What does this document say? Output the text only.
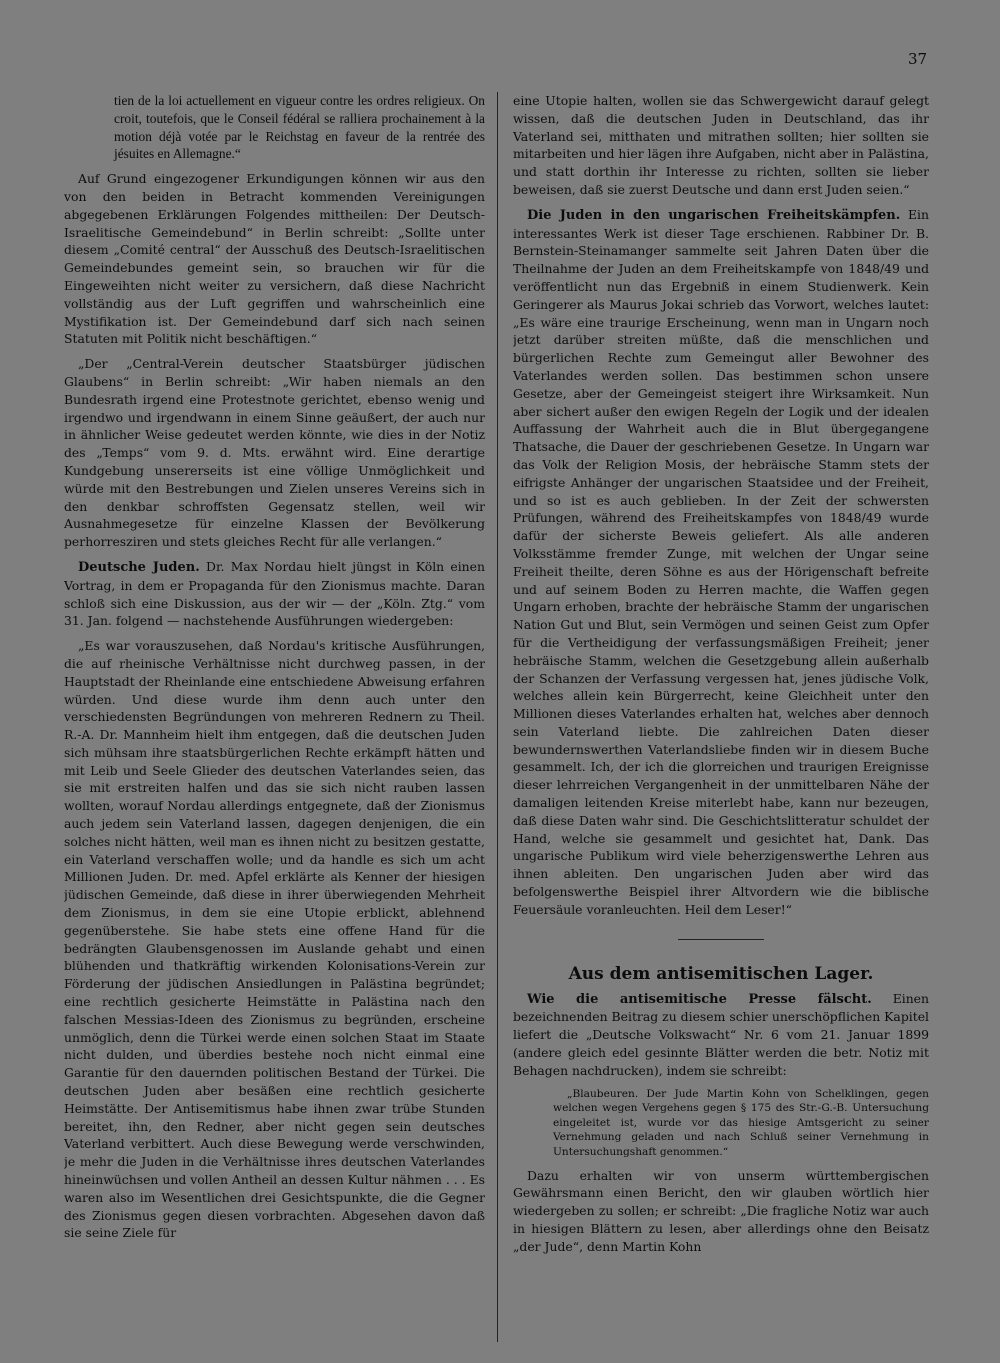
37

tien de la loi actuellement en vigueur contre les ordres religieux. On croit, toutefois, que le Conseil fédéral se ralliera prochainement à la motion déjà votée par le Reichstag en faveur de la rentrée des jésuites en Allemagne.“

Auf Grund eingezogener Erkundigungen können wir aus den von den beiden in Betracht kommenden Vereinigungen abgegebenen Erklärungen Folgendes mittheilen: Der Deutsch-Israelitische Gemeindebund“ in Berlin schreibt: „Sollte unter diesem „Comité central“ der Ausschuß des Deutsch-Israelitischen Gemeindebundes gemeint sein, so brauchen wir für die Eingeweihten nicht weiter zu versichern, daß diese Nachricht vollständig aus der Luft gegriffen und wahrscheinlich eine Mystifikation ist. Der Gemeindebund darf sich nach seinen Statuten mit Politik nicht beschäftigen.“

„Der „Central-Verein deutscher Staatsbürger jüdischen Glaubens“ in Berlin schreibt: „Wir haben niemals an den Bundesrath irgend eine Protestnote gerichtet, ebenso wenig und irgendwo und irgendwann in einem Sinne geäußert, der auch nur in ähnlicher Weise gedeutet werden könnte, wie dies in der Notiz des „Temps“ vom 9. d. Mts. erwähnt wird. Eine derartige Kundgebung unsererseits ist eine völlige Unmöglichkeit und würde mit den Bestrebungen und Zielen unseres Vereins sich in den denkbar schroffsten Gegensatz stellen, weil wir Ausnahmegesetze für einzelne Klassen der Bevölkerung perhorresziren und stets gleiches Recht für alle verlangen.“

Deutsche Juden. Dr. Max Nordau hielt jüngst in Köln einen Vortrag, in dem er Propaganda für den Zionismus machte. Daran schloß sich eine Diskussion, aus der wir — der „Köln. Ztg.“ vom 31. Jan. folgend — nachstehende Ausführungen wiedergeben:

„Es war vorauszusehen, daß Nordau's kritische Ausführungen, die auf rheinische Verhältnisse nicht durchweg passen, in der Hauptstadt der Rheinlande eine entschiedene Abweisung erfahren würden. Und diese wurde ihm denn auch unter den verschiedensten Begründungen von mehreren Rednern zu Theil. R.-A. Dr. Mannheim hielt ihm entgegen, daß die deutschen Juden sich mühsam ihre staatsbürgerlichen Rechte erkämpft hätten und mit Leib und Seele Glieder des deutschen Vaterlandes seien, das sie mit erstreiten halfen und das sie sich nicht rauben lassen wollten, worauf Nordau allerdings entgegnete, daß der Zionismus auch jedem sein Vaterland lassen, dagegen denjenigen, die ein solches nicht hätten, weil man es ihnen nicht zu besitzen gestatte, ein Vaterland verschaffen wolle; und da handle es sich um acht Millionen Juden. Dr. med. Apfel erklärte als Kenner der hiesigen jüdischen Gemeinde, daß diese in ihrer überwiegenden Mehrheit dem Zionismus, in dem sie eine Utopie erblickt, ablehnend gegenüberstehe. Sie habe stets eine offene Hand für die bedrängten Glaubensgenossen im Auslande gehabt und einen blühenden und thatkräftig wirkenden Kolonisations-Verein zur Förderung der jüdischen Ansiedlungen in Palästina begründet; eine rechtlich gesicherte Heimstätte in Palästina nach den falschen Messias-Ideen des Zionismus zu begründen, erscheine unmöglich, denn die Türkei werde einen solchen Staat im Staate nicht dulden, und überdies bestehe noch nicht einmal eine Garantie für den dauernden politischen Bestand der Türkei. Die deutschen Juden aber besäßen eine rechtlich gesicherte Heimstätte. Der Antisemitismus habe ihnen zwar trübe Stunden bereitet, ihn, den Redner, aber nicht gegen sein deutsches Vaterland verbittert. Auch diese Bewegung werde verschwinden, je mehr die Juden in die Verhältnisse ihres deutschen Vaterlandes hineinwüchsen und vollen Antheil an dessen Kultur nähmen . . . Es waren also im Wesentlichen drei Gesichtspunkte, die die Gegner des Zionismus gegen diesen vorbrachten. Abgesehen davon daß sie seine Ziele für

eine Utopie halten, wollen sie das Schwergewicht darauf gelegt wissen, daß die deutschen Juden in Deutschland, das ihr Vaterland sei, mitthaten und mitrathen sollten; hier sollten sie mitarbeiten und hier lägen ihre Aufgaben, nicht aber in Palästina, und statt dorthin ihr Interesse zu richten, sollten sie lieber beweisen, daß sie zuerst Deutsche und dann erst Juden seien.“

Die Juden in den ungarischen Freiheitskämpfen. Ein interessantes Werk ist dieser Tage erschienen. Rabbiner Dr. B. Bernstein-Steinamanger sammelte seit Jahren Daten über die Theilnahme der Juden an dem Freiheitskampfe von 1848/49 und veröffentlicht nun das Ergebniß in einem Studienwerk. Kein Geringerer als Maurus Jokai schrieb das Vorwort, welches lautet: „Es wäre eine traurige Erscheinung, wenn man in Ungarn noch jetzt darüber streiten müßte, daß die menschlichen und bürgerlichen Rechte zum Gemeingut aller Bewohner des Vaterlandes werden sollen. Das bestimmen schon unsere Gesetze, aber der Gemeingeist steigert ihre Wirksamkeit. Nun aber sichert außer den ewigen Regeln der Logik und der idealen Auffassung der Wahrheit auch die in Blut übergegangene Thatsache, die Dauer der geschriebenen Gesetze. In Ungarn war das Volk der Religion Mosis, der hebräische Stamm stets der eifrigste Anhänger der ungarischen Staatsidee und der Freiheit, und so ist es auch geblieben. In der Zeit der schwersten Prüfungen, während des Freiheitskampfes von 1848/49 wurde dafür der sicherste Beweis geliefert. Als alle anderen Volksstämme fremder Zunge, mit welchen der Ungar seine Freiheit theilte, deren Söhne es aus der Hörigenschaft befreite und auf seinem Boden zu Herren machte, die Waffen gegen Ungarn erhoben, brachte der hebräische Stamm der ungarischen Nation Gut und Blut, sein Vermögen und seinen Geist zum Opfer für die Vertheidigung der verfassungsmäßigen Freiheit; jener hebräische Stamm, welchen die Gesetzgebung allein außerhalb der Schanzen der Verfassung vergessen hat, jenes jüdische Volk, welches allein kein Bürgerrecht, keine Gleichheit unter den Millionen dieses Vaterlandes erhalten hat, welches aber dennoch sein Vaterland liebte. Die zahlreichen Daten dieser bewundernswerthen Vaterlandsliebe finden wir in diesem Buche gesammelt. Ich, der ich die glorreichen und traurigen Ereignisse dieser lehrreichen Vergangenheit in der unmittelbaren Nähe der damaligen leitenden Kreise miterlebt habe, kann nur bezeugen, daß diese Daten wahr sind. Die Geschichtslitteratur schuldet der Hand, welche sie gesammelt und gesichtet hat, Dank. Das ungarische Publikum wird viele beherzigenswerthe Lehren aus ihnen ableiten. Den ungarischen Juden aber wird das befolgenswerthe Beispiel ihrer Altvordern wie die biblische Feuersäule voranleuchten. Heil dem Leser!“

Aus dem antisemitischen Lager.

Wie die antisemitische Presse fälscht. Einen bezeichnenden Beitrag zu diesem schier unerschöpflichen Kapitel liefert die „Deutsche Volkswacht“ Nr. 6 vom 21. Januar 1899 (andere gleich edel gesinnte Blätter werden die betr. Notiz mit Behagen nachdrucken), indem sie schreibt:

„Blaubeuren. Der Jude Martin Kohn von Schelklingen, gegen welchen wegen Vergehens gegen § 175 des Str.-G.-B. Untersuchung eingeleitet ist, wurde vor das hiesige Amtsgericht zu seiner Vernehmung geladen und nach Schluß seiner Vernehmung in Untersuchungshaft genommen.“

Dazu erhalten wir von unserm württembergischen Gewährsmann einen Bericht, den wir glauben wörtlich hier wiedergeben zu sollen; er schreibt: „Die fragliche Notiz war auch in hiesigen Blättern zu lesen, aber allerdings ohne den Beisatz „der Jude“, denn Martin Kohn
